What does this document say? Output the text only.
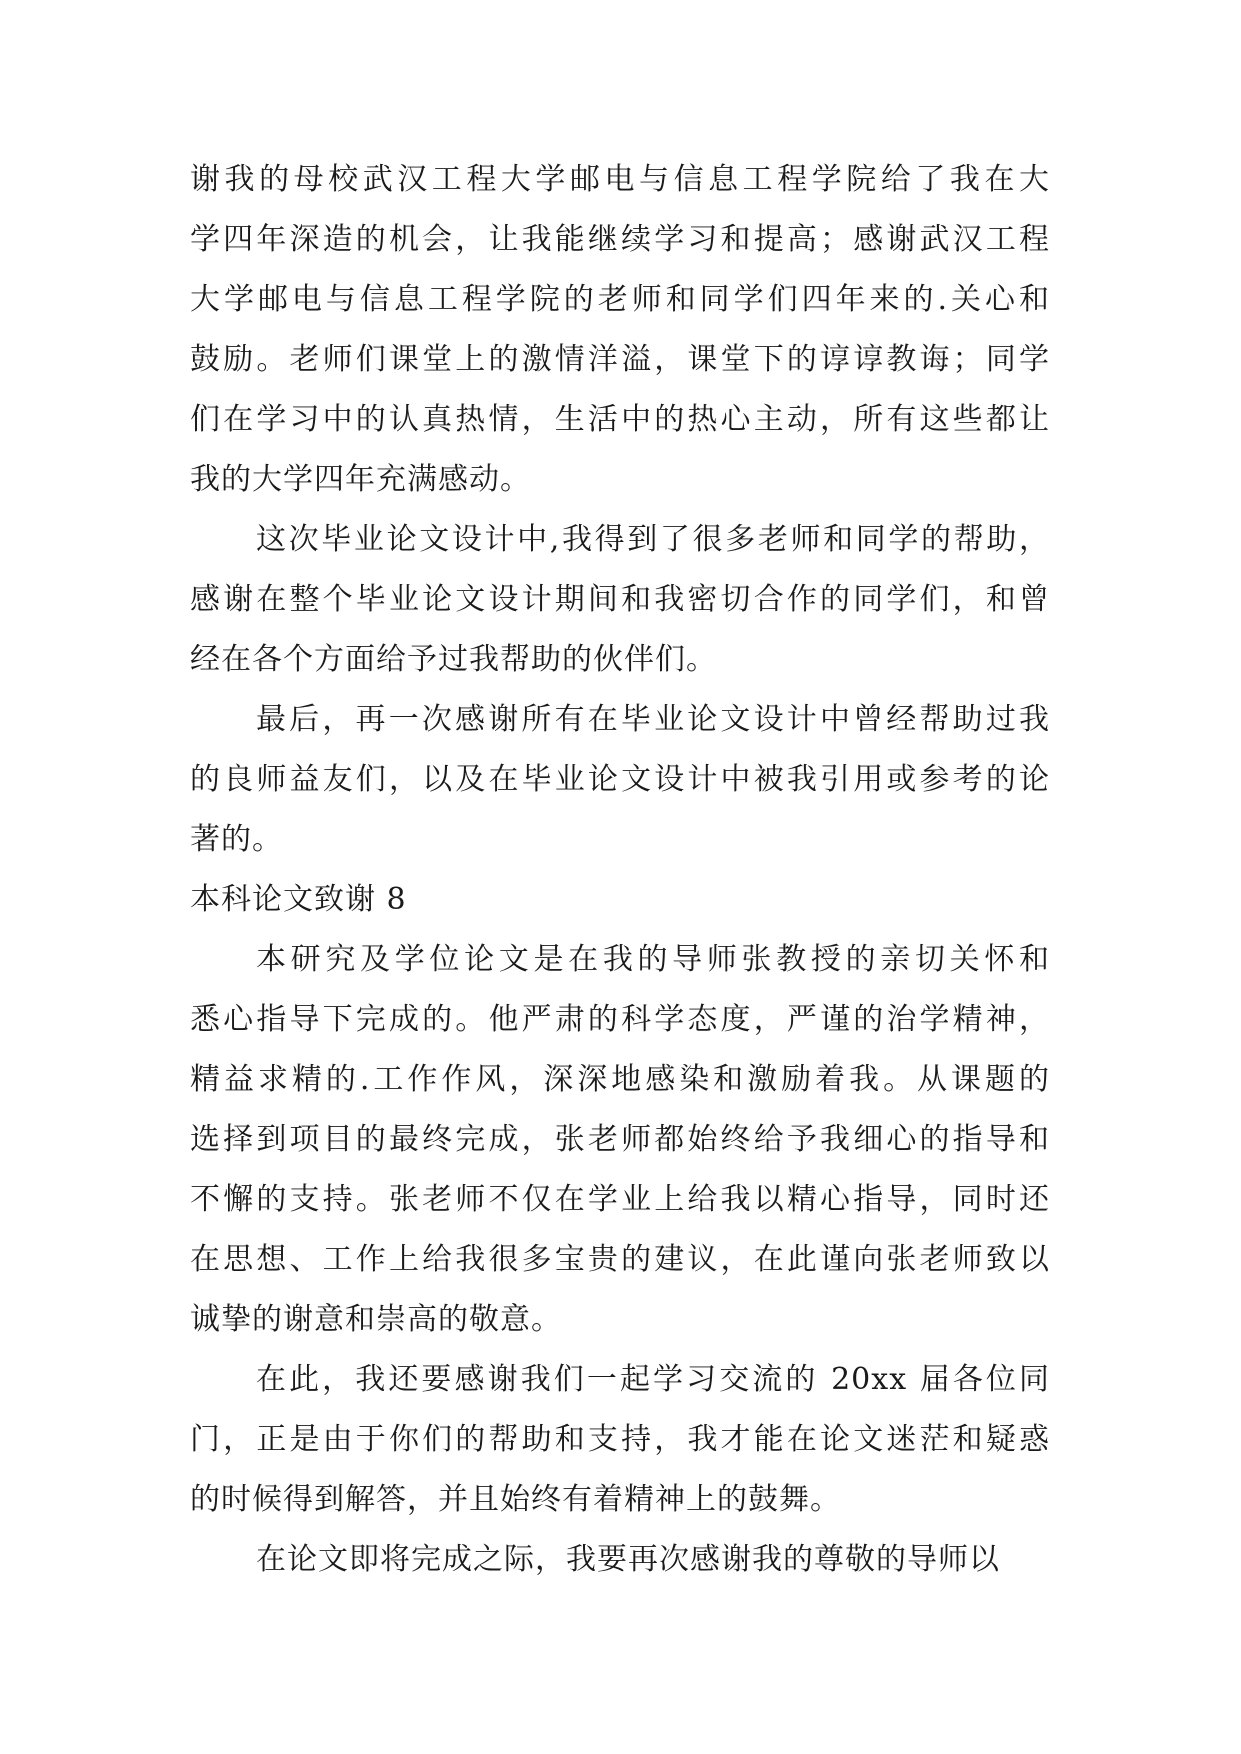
谢我的母校武汉工程大学邮电与信息工程学院给了我在大
学四年深造的机会，让我能继续学习和提高；感谢武汉工程
大学邮电与信息工程学院的老师和同学们四年来的.关心和
鼓励。老师们课堂上的激情洋溢，课堂下的谆谆教诲；同学
们在学习中的认真热情，生活中的热心主动，所有这些都让
我的大学四年充满感动。
这次毕业论文设计中,我得到了很多老师和同学的帮助，
感谢在整个毕业论文设计期间和我密切合作的同学们，和曾
经在各个方面给予过我帮助的伙伴们。
最后，再一次感谢所有在毕业论文设计中曾经帮助过我
的良师益友们，以及在毕业论文设计中被我引用或参考的论
著的。
本科论文致谢 8
本研究及学位论文是在我的导师张教授的亲切关怀和
悉心指导下完成的。他严肃的科学态度，严谨的治学精神，
精益求精的.工作作风，深深地感染和激励着我。从课题的
选择到项目的最终完成，张老师都始终给予我细心的指导和
不懈的支持。张老师不仅在学业上给我以精心指导，同时还
在思想、工作上给我很多宝贵的建议，在此谨向张老师致以
诚挚的谢意和崇高的敬意。
在此，我还要感谢我们一起学习交流的 20xx 届各位同
门，正是由于你们的帮助和支持，我才能在论文迷茫和疑惑
的时候得到解答，并且始终有着精神上的鼓舞。
在论文即将完成之际，我要再次感谢我的尊敬的导师以
